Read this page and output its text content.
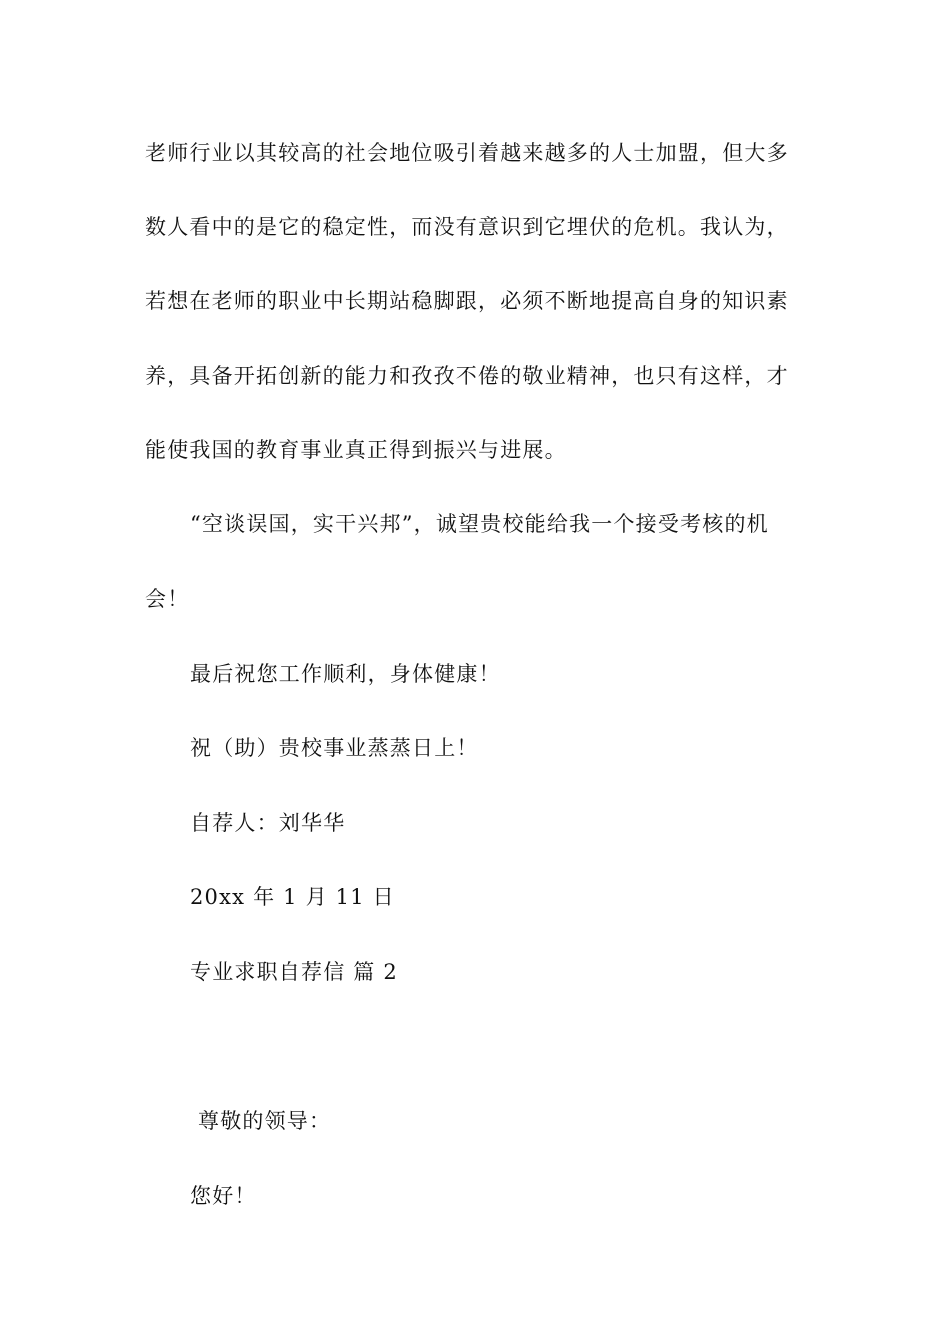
老师行业以其较高的社会地位吸引着越来越多的人士加盟，但大多
数人看中的是它的稳定性，而没有意识到它埋伏的危机。我认为，
若想在老师的职业中长期站稳脚跟，必须不断地提高自身的知识素
养，具备开拓创新的能力和孜孜不倦的敬业精神，也只有这样，才
能使我国的教育事业真正得到振兴与进展。
“空谈误国，实干兴邦”，诚望贵校能给我一个接受考核的机
会！
最后祝您工作顺利，身体健康！
祝（助）贵校事业蒸蒸日上！
自荐人：刘华华
20xx 年 1 月 11 日
专业求职自荐信 篇 2
尊敬的领导：
您好！
